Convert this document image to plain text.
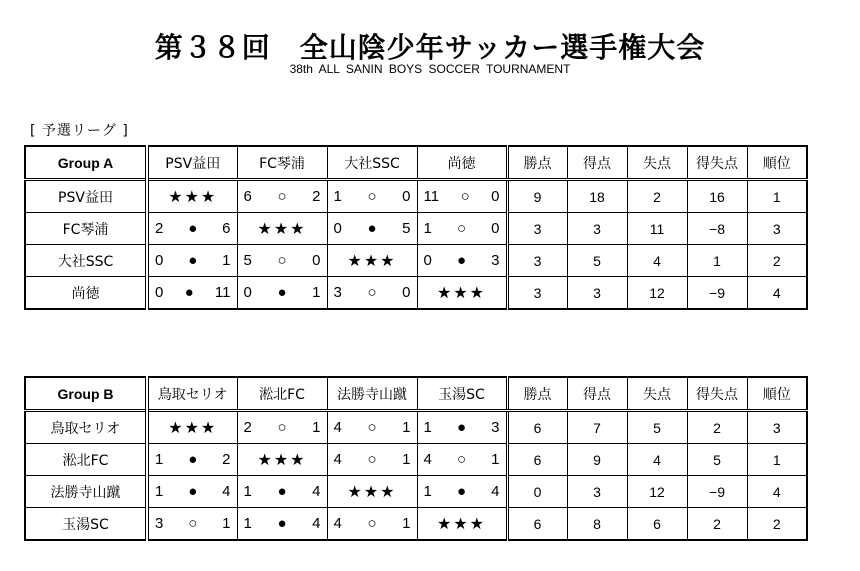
第３８回　全山陰少年サッカー選手権大会
38th ALL SANIN BOYS SOCCER TOURNAMENT
[ 予選リーグ ]
Group A	PSV益田	FC琴浦	大社SSC	尚徳	勝点	得点	失点	得失点	順位
PSV益田	★★★	6 ○ 2	1 ○ 0	11 ○ 0	9	18	2	16	1
FC琴浦	2 ● 6	★★★	0 ● 5	1 ○ 0	3	3	11	−8	3
大社SSC	0 ● 1	5 ○ 0	★★★	0 ● 3	3	5	4	1	2
尚徳	0 ● 11	0 ● 1	3 ○ 0	★★★	3	3	12	−9	4
Group B	鳥取セリオ	淞北FC	法勝寺山蹴	玉湯SC	勝点	得点	失点	得失点	順位
鳥取セリオ	★★★	2 ○ 1	4 ○ 1	1 ● 3	6	7	5	2	3
淞北FC	1 ● 2	★★★	4 ○ 1	4 ○ 1	6	9	4	5	1
法勝寺山蹴	1 ● 4	1 ● 4	★★★	1 ● 4	0	3	12	−9	4
玉湯SC	3 ○ 1	1 ● 4	4 ○ 1	★★★	6	8	6	2	2
